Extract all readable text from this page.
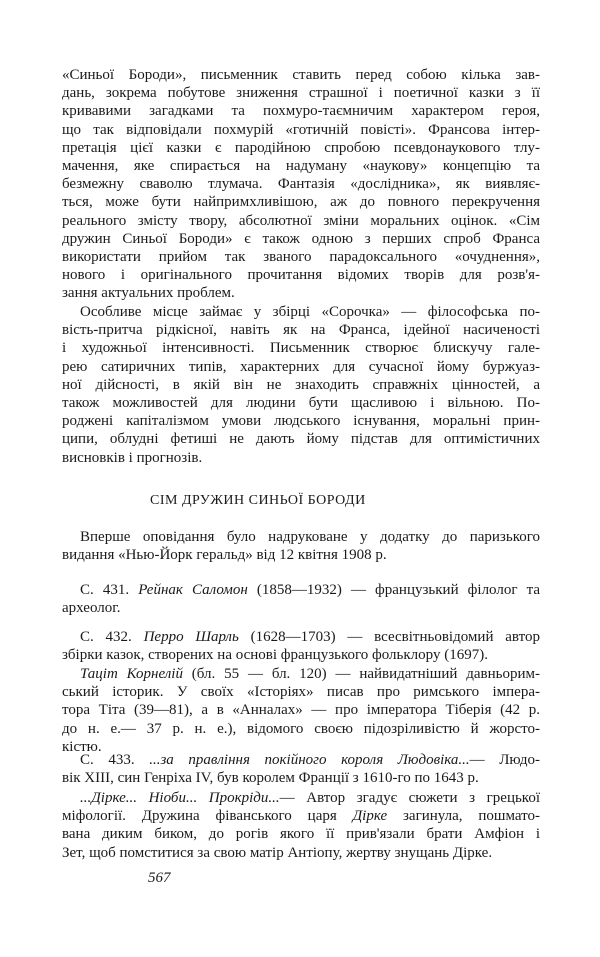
СІМ ДРУЖИН СИНЬОЇ БОРОДИ
567
«Синьої Бороди», письменник ставить перед собою кілька зав-
дань, зокрема побутове зниження страшної і поетичної казки з її
кривавими загадками та похмуро-таємничим характером героя,
що так відповідали похмурій «готичній повісті». Франсова інтер-
претація цієї казки є пародійною спробою псевдонаукового тлу-
мачення, яке спирається на надуману «наукову» концепцію та
безмежну сваволю тлумача. Фантазія «дослідника», як виявляє-
ться, може бути найпримхливішою, аж до повного перекручення
реального змісту твору, абсолютної зміни моральних оцінок. «Сім
дружин Синьої Бороди» є також одною з перших спроб Франса
використати прийом так званого парадоксального «очуднення»,
нового і оригінального прочитання відомих творів для розв'я-
зання актуальних проблем.
Особливе місце займає у збірці «Сорочка» — філософська по-
вість-притча рідкісної, навіть як на Франса, ідейної насиченості
і художньої інтенсивності. Письменник створює блискучу гале-
рею сатиричних типів, характерних для сучасної йому буржуаз-
ної дійсності, в якій він не знаходить справжніх цінностей, а
також можливостей для людини бути щасливою і вільною. По-
роджені капіталізмом умови людського існування, моральні прин-
ципи, облудні фетиші не дають йому підстав для оптимістичних
висновків і прогнозів.
Вперше оповідання було надруковане у додатку до паризького
видання «Нью-Йорк геральд» від 12 квітня 1908 р.
С. 431. Рейнак Саломон (1858—1932) — французький філолог та
археолог.
С. 432. Перро Шарль (1628—1703) — всесвітньовідомий автор
збірки казок, створених на основі французького фольклору (1697).
Тацiт Корнелій (бл. 55 — бл. 120) — найвидатніший давньорим-
ський історик. У своїх «Історіях» писав про римського імпера-
тора Тіта (39—81), а в «Анналах» — про імператора Тіберія (42 р.
до н. е.— 37 р. н. е.), відомого своєю підозріливістю й жорсто-
кістю.
С. 433. ...за правління покійного короля Людовіка...— Людо-
вік XIII, син Генріха IV, був королем Франції з 1610-го по 1643 р.
...Дірке... Ніоби... Прокріди...— Автор згадує сюжети з грецької
міфології. Дружина фіванського царя Дірке загинула, пошмато-
вана диким биком, до рогів якого її прив'язали брати Амфіон і
Зет, щоб помститися за свою матір Антіопу, жертву знущань Дірке.
